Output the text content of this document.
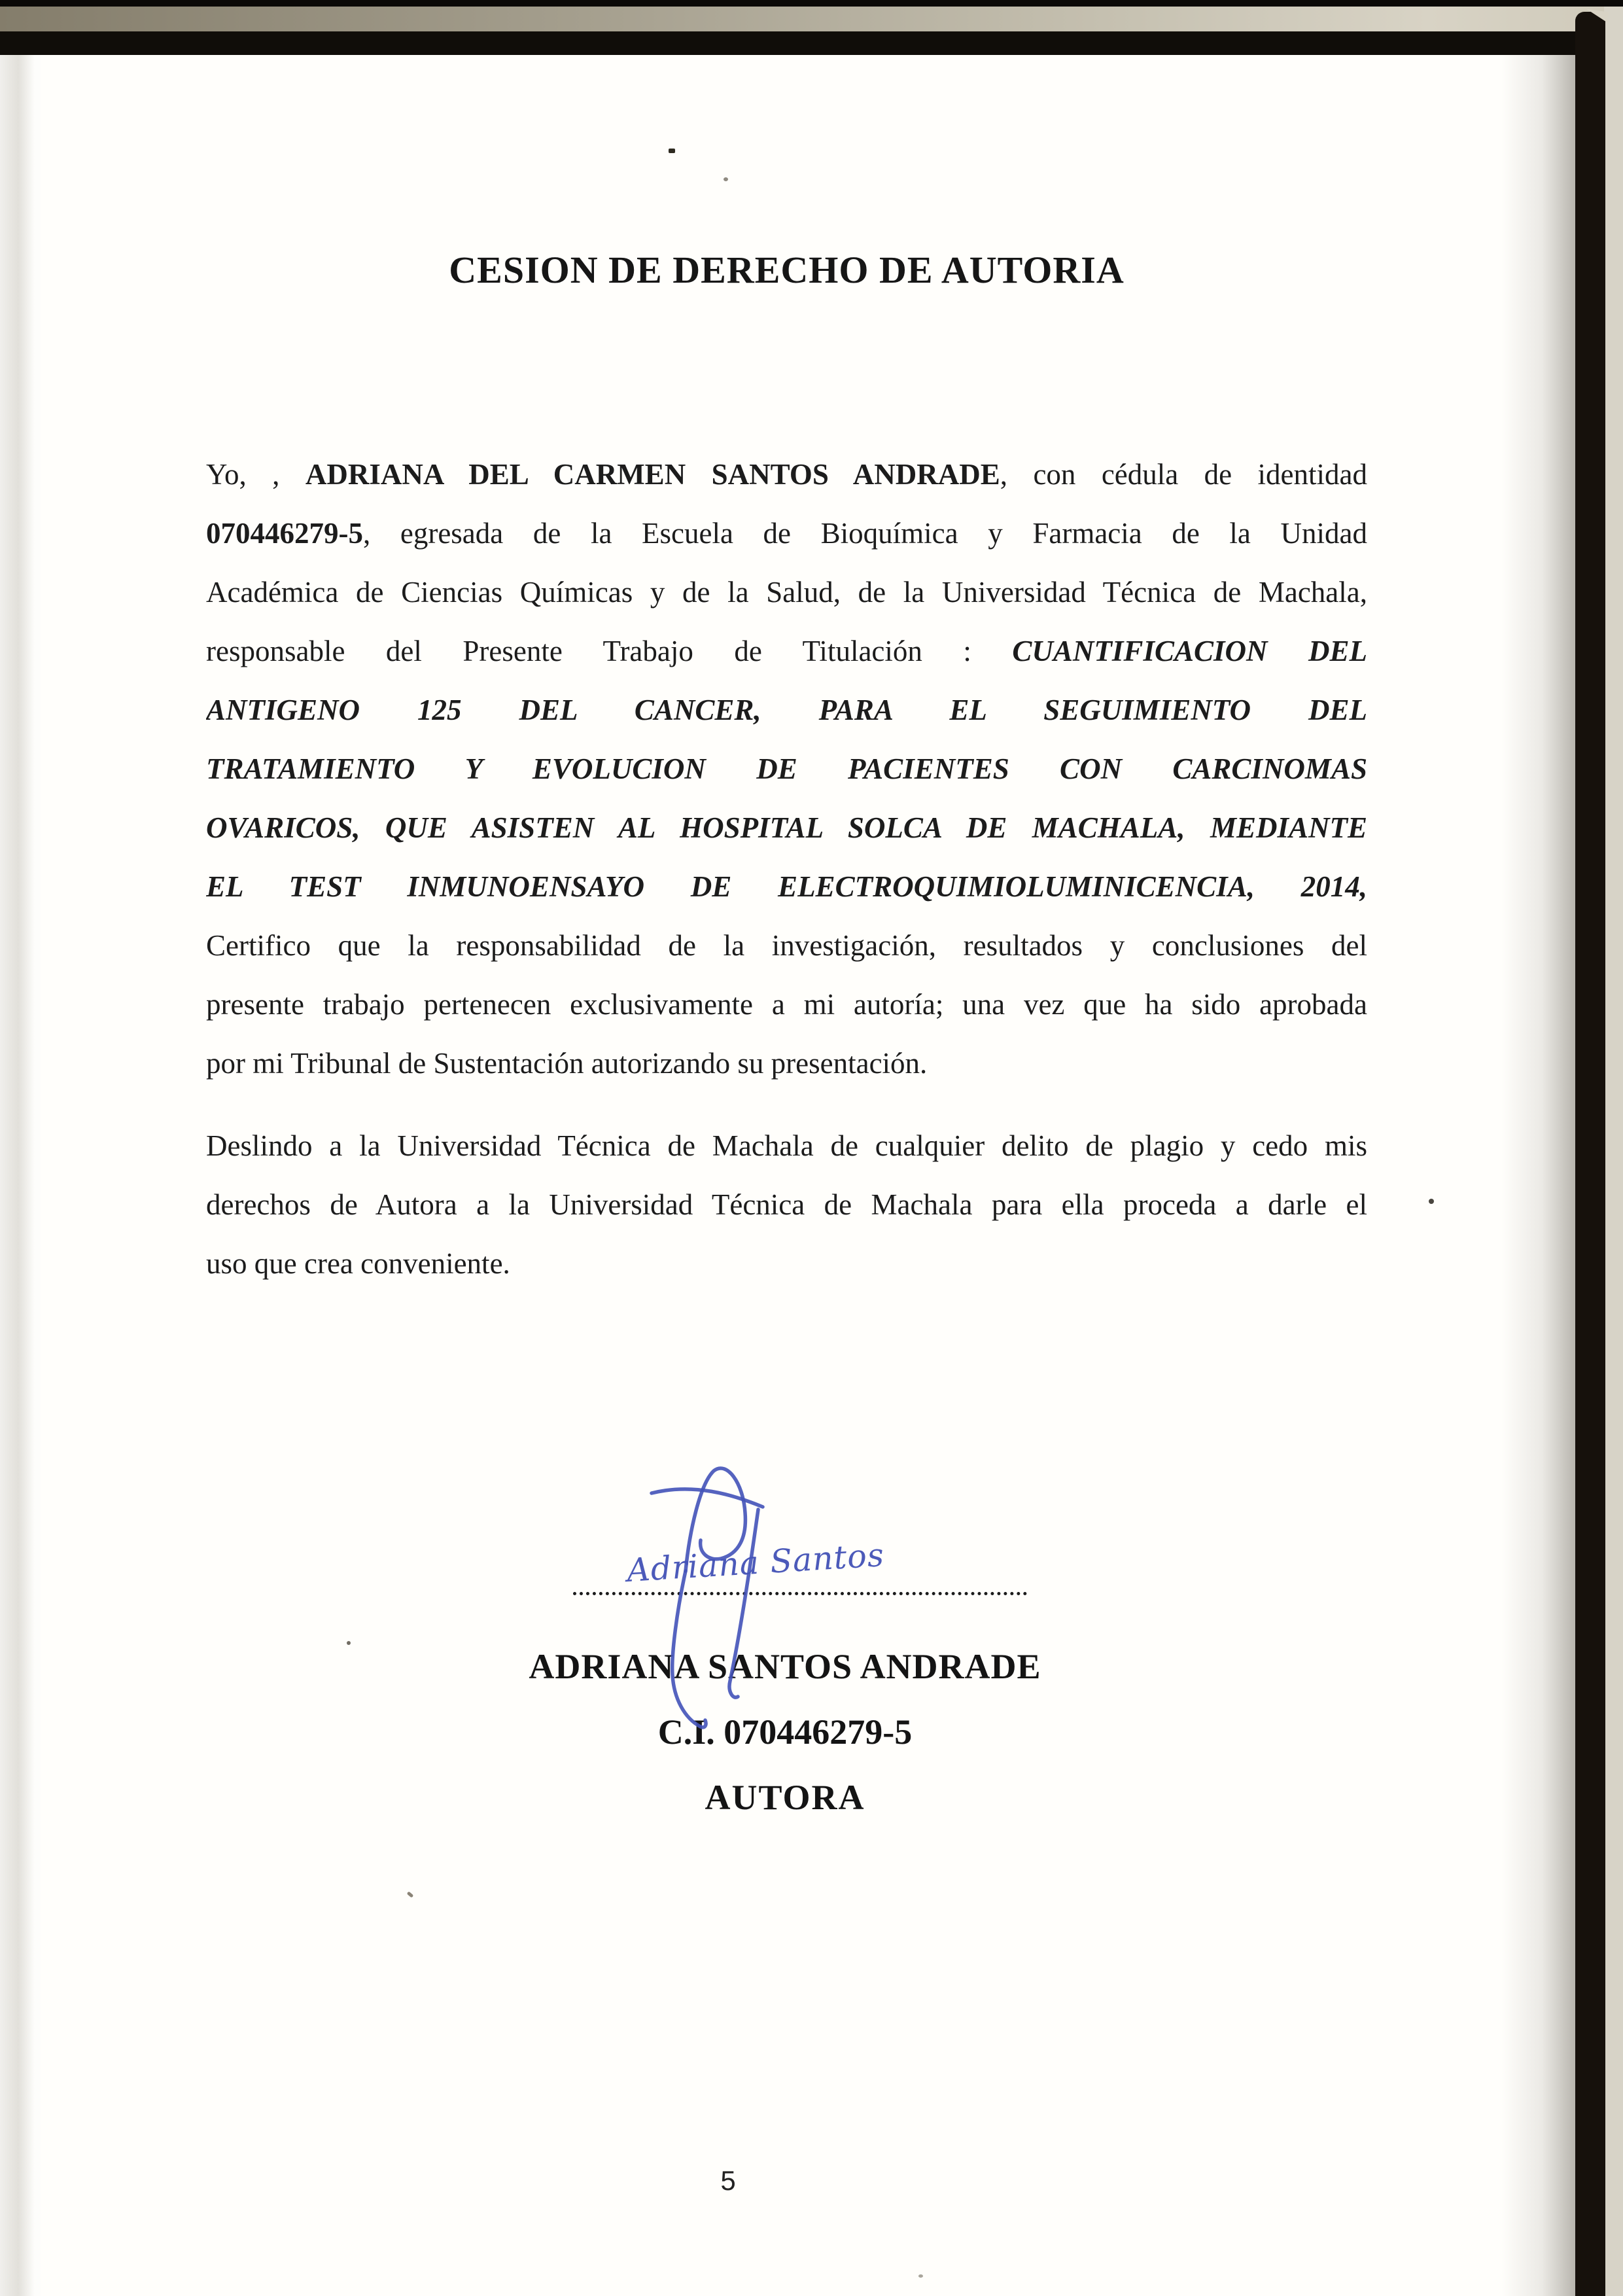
CESION DE DERECHO DE AUTORIA
Yo, , ADRIANA DEL CARMEN SANTOS ANDRADE, con cédula de identidad
070446279-5, egresada de la Escuela de Bioquímica y Farmacia de la Unidad
Académica de Ciencias Químicas y de la Salud, de la Universidad Técnica de Machala,
responsable del Presente Trabajo de Titulación : CUANTIFICACION DEL
ANTIGENO 125 DEL CANCER, PARA EL SEGUIMIENTO DEL
TRATAMIENTO Y EVOLUCION DE PACIENTES CON CARCINOMAS
OVARICOS, QUE ASISTEN AL HOSPITAL SOLCA DE MACHALA, MEDIANTE
EL TEST INMUNOENSAYO DE ELECTROQUIMIOLUMINICENCIA, 2014,
Certifico que la responsabilidad de la investigación, resultados y conclusiones del
presente trabajo pertenecen exclusivamente a mi autoría; una vez que ha sido aprobada
por mi Tribunal de Sustentación autorizando su presentación.
Deslindo a la Universidad Técnica de Machala de cualquier delito de plagio y cedo mis
derechos de Autora a la Universidad Técnica de Machala para ella proceda a darle el
uso que crea conveniente.
Adriana Santos
ADRIANA SANTOS ANDRADE
C.I. 070446279-5
AUTORA
5
